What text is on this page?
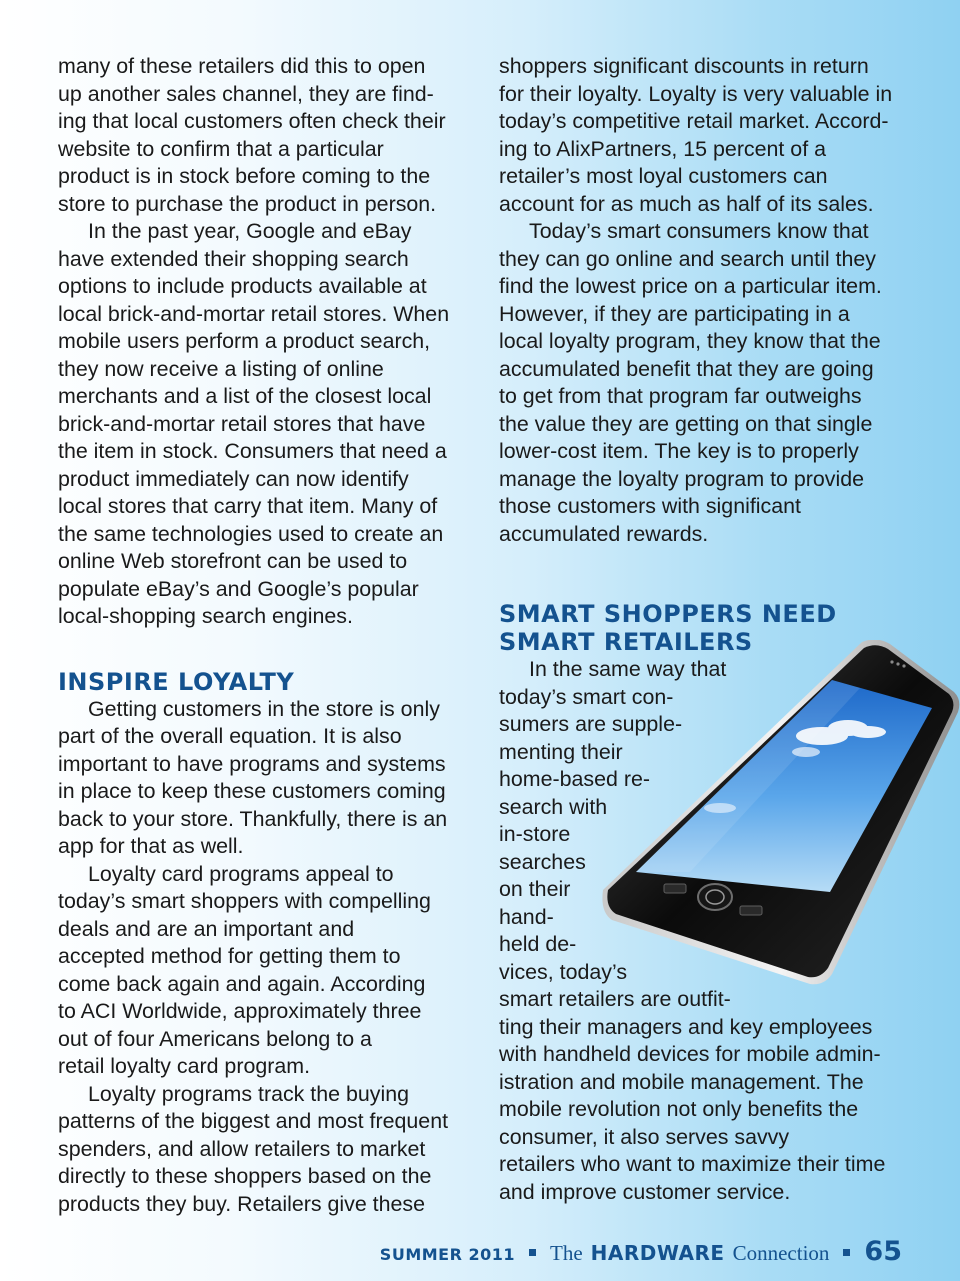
many of these retailers did this to open
up another sales channel, they are find-
ing that local customers often check their
website to confirm that a particular
product is in stock before coming to the
store to purchase the product in person.
In the past year, Google and eBay
have extended their shopping search
options to include products available at
local brick-and-mortar retail stores. When
mobile users perform a product search,
they now receive a listing of online
merchants and a list of the closest local
brick-and-mortar retail stores that have
the item in stock. Consumers that need a
product immediately can now identify
local stores that carry that item. Many of
the same technologies used to create an
online Web storefront can be used to
populate eBay’s and Google’s popular
local-shopping search engines.
INSPIRE LOYALTY
Getting customers in the store is only
part of the overall equation. It is also
important to have programs and systems
in place to keep these customers coming
back to your store. Thankfully, there is an
app for that as well.
Loyalty card programs appeal to
today’s smart shoppers with compelling
deals and are an important and
accepted method for getting them to
come back again and again. According
to ACI Worldwide, approximately three
out of four Americans belong to a
retail loyalty card program.
Loyalty programs track the buying
patterns of the biggest and most frequent
spenders, and allow retailers to market
directly to these shoppers based on the
products they buy. Retailers give these
shoppers significant discounts in return
for their loyalty. Loyalty is very valuable in
today’s competitive retail market. Accord-
ing to AlixPartners, 15 percent of a
retailer’s most loyal customers can
account for as much as half of its sales.
Today’s smart consumers know that
they can go online and search until they
find the lowest price on a particular item.
However, if they are participating in a
local loyalty program, they know that the
accumulated benefit that they are going
to get from that program far outweighs
the value they are getting on that single
lower-cost item. The key is to properly
manage the loyalty program to provide
those customers with significant
accumulated rewards.
SMART SHOPPERS NEED
SMART RETAILERS
In the same way that
today’s smart con-
sumers are supple-
menting their
home-based re-
search with
in-store
searches
on their
hand-
held de-
vices, today’s
smart retailers are outfit-
ting their managers and key employees
with handheld devices for mobile admin-
istration and mobile management. The
mobile revolution not only benefits the
consumer, it also serves savvy
retailers who want to maximize their time
and improve customer service.
SUMMER 2011 The HARDWARE Connection 65
